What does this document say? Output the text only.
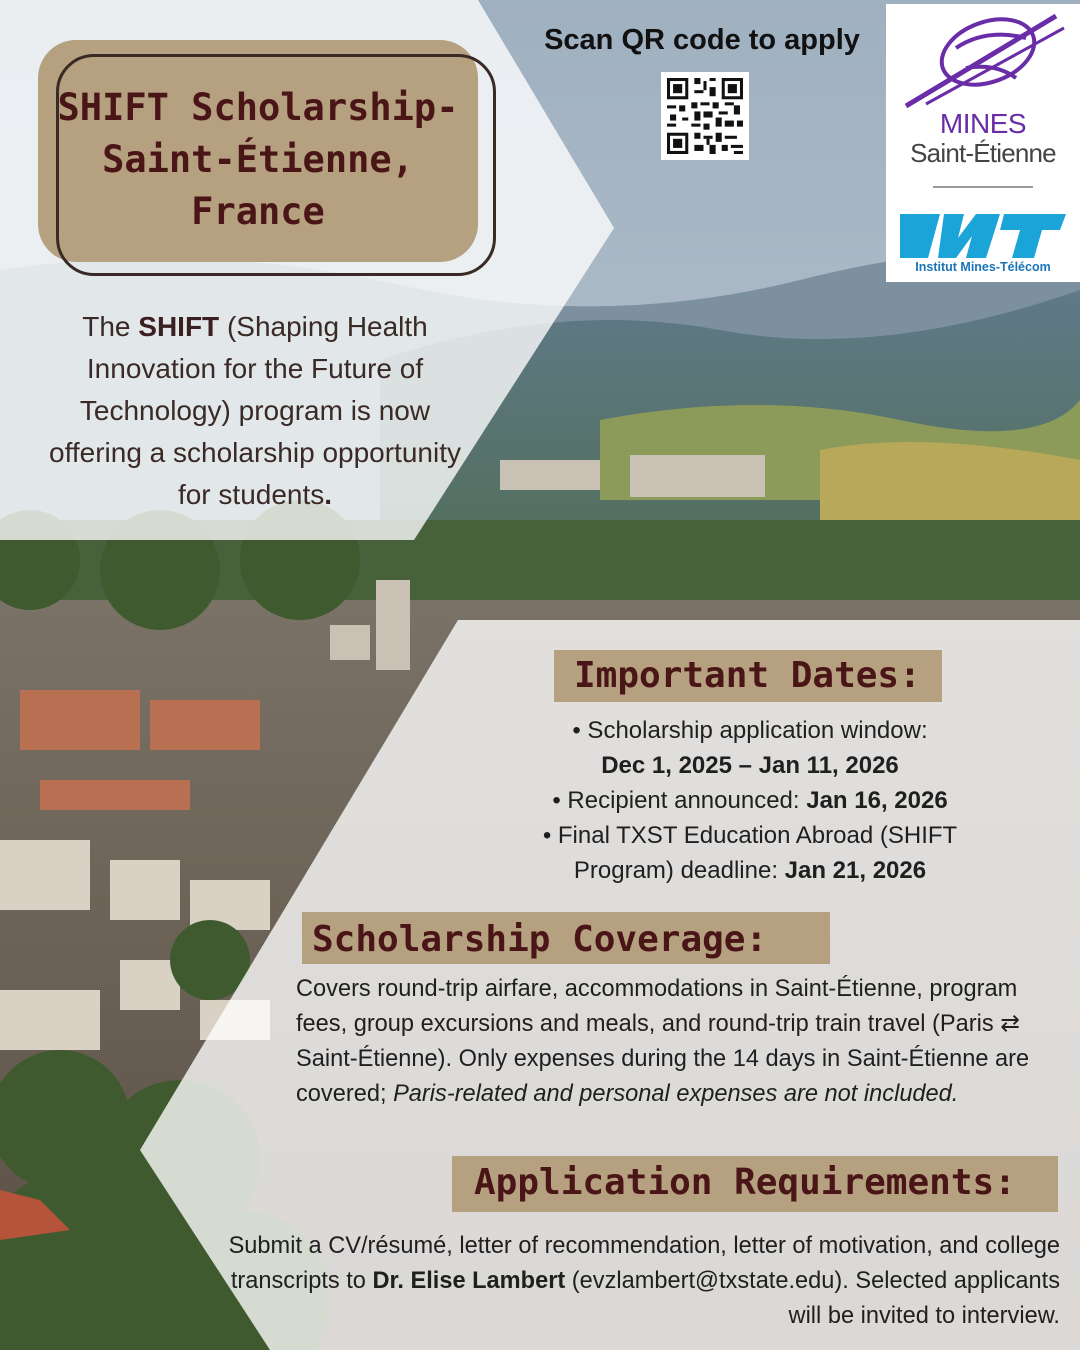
SHIFT Scholarship-
Saint-Étienne,
France
The SHIFT (Shaping Health Innovation for the Future of Technology) program is now offering a scholarship opportunity for students.
Scan QR code to apply
MINES
Saint-Étienne
Institut Mines-Télécom
Important Dates:
• Scholarship application window:
Dec 1, 2025 – Jan 11, 2026
• Recipient announced: Jan 16, 2026
• Final TXST Education Abroad (SHIFT Program) deadline: Jan 21, 2026
Scholarship Coverage:
Covers round-trip airfare, accommodations in Saint-Étienne, program fees, group excursions and meals, and round-trip train travel (Paris ⇄ Saint-Étienne). Only expenses during the 14 days in Saint-Étienne are covered; Paris-related and personal expenses are not included.
Application Requirements:
Submit a CV/résumé, letter of recommendation, letter of motivation, and college transcripts to Dr. Elise Lambert (evzlambert@txstate.edu). Selected applicants will be invited to interview.
